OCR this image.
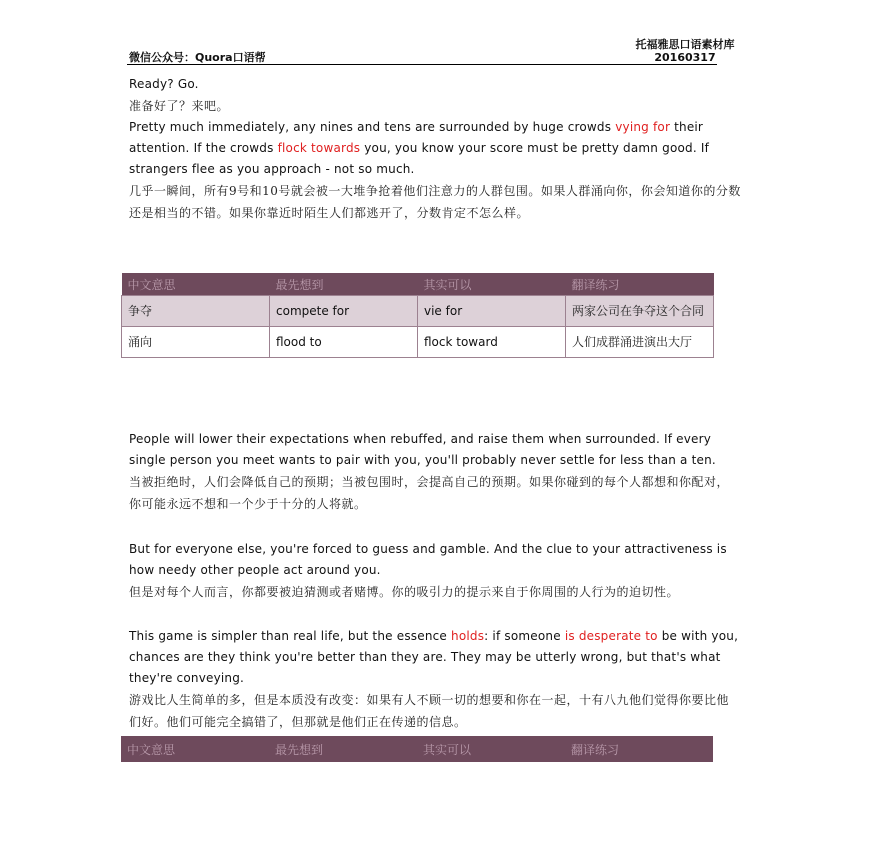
微信公众号：Quora口语帮
托福雅思口语素材库
20160317
Ready? Go.
准备好了？来吧。
Pretty much immediately, any nines and tens are surrounded by huge crowds vying for their attention. If the crowds flock towards you, you know your score must be pretty damn good. If strangers flee as you approach - not so much.
几乎一瞬间，所有9号和10号就会被一大堆争抢着他们注意力的人群包围。如果人群涌向你，你会知道你的分数还是相当的不错。如果你靠近时陌生人们都逃开了，分数肯定不怎么样。
中文意思	最先想到	其实可以	翻译练习
争夺	compete for	vie for	两家公司在争夺这个合同
涌向	flood to	flock toward	人们成群涌进演出大厅
People will lower their expectations when rebuffed, and raise them when surrounded. If every single person you meet wants to pair with you, you'll probably never settle for less than a ten.
当被拒绝时，人们会降低自己的预期；当被包围时，会提高自己的预期。如果你碰到的每个人都想和你配对，你可能永远不想和一个少于十分的人将就。
But for everyone else, you're forced to guess and gamble. And the clue to your attractiveness is how needy other people act around you.
但是对每个人而言，你都要被迫猜测或者赌博。你的吸引力的提示来自于你周围的人行为的迫切性。
This game is simpler than real life, but the essence holds: if someone is desperate to be with you, chances are they think you're better than they are. They may be utterly wrong, but that's what they're conveying.
游戏比人生简单的多，但是本质没有改变：如果有人不顾一切的想要和你在一起，十有八九他们觉得你要比他们好。他们可能完全搞错了，但那就是他们正在传递的信息。
中文意思	最先想到	其实可以	翻译练习
